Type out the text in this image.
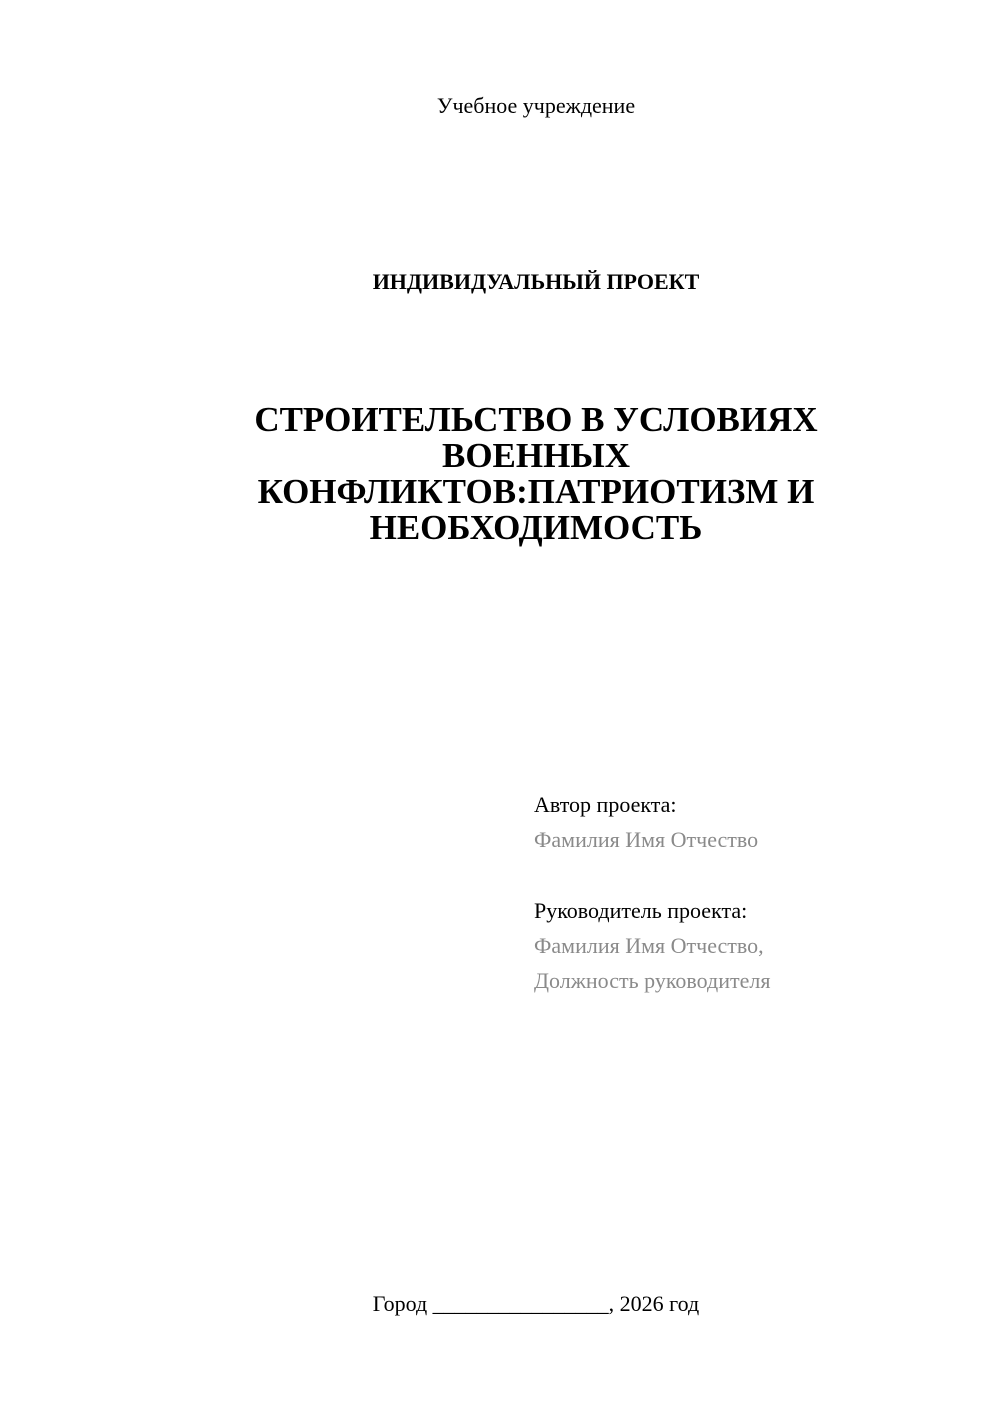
Учебное учреждение
ИНДИВИДУАЛЬНЫЙ ПРОЕКТ
СТРОИТЕЛЬСТВО В УСЛОВИЯХ
ВОЕННЫХ
КОНФЛИКТОВ:ПАТРИОТИЗМ И
НЕОБХОДИМОСТЬ
Автор проекта:
Фамилия Имя Отчество
Руководитель проекта:
Фамилия Имя Отчество,
Должность руководителя
Город ________________, 2026 год
